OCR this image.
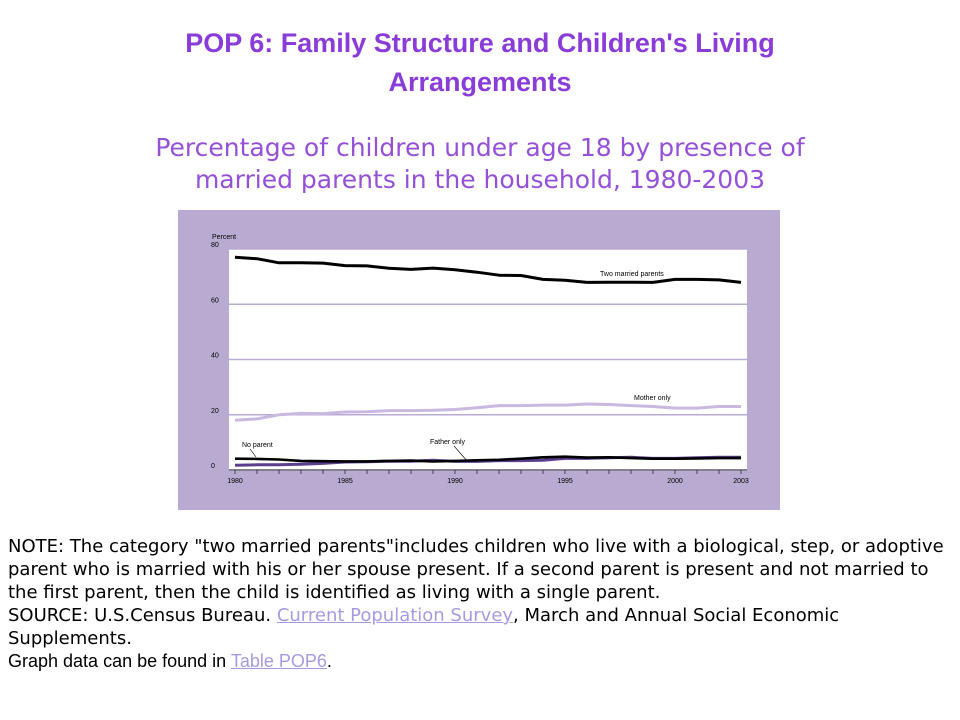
POP 6: Family Structure and Children's Living
Arrangements
Percentage of children under age 18 by presence of
married parents in the household, 1980-2003
0
20
40
60
80
1980	1985	1990	1995	2000	2003
Percent
Two married parents
Mother only
Father only
No parent

NOTE: The category "two married parents"includes children who live with a biological, step, or adoptive parent who is married with his or her spouse present. If a second parent is present and not married to the first parent, then the child is identified as living with a single parent.

SOURCE: U.S.Census Bureau. Current Population Survey, March and Annual Social Economic Supplements.

Graph data can be found in Table POP6.
